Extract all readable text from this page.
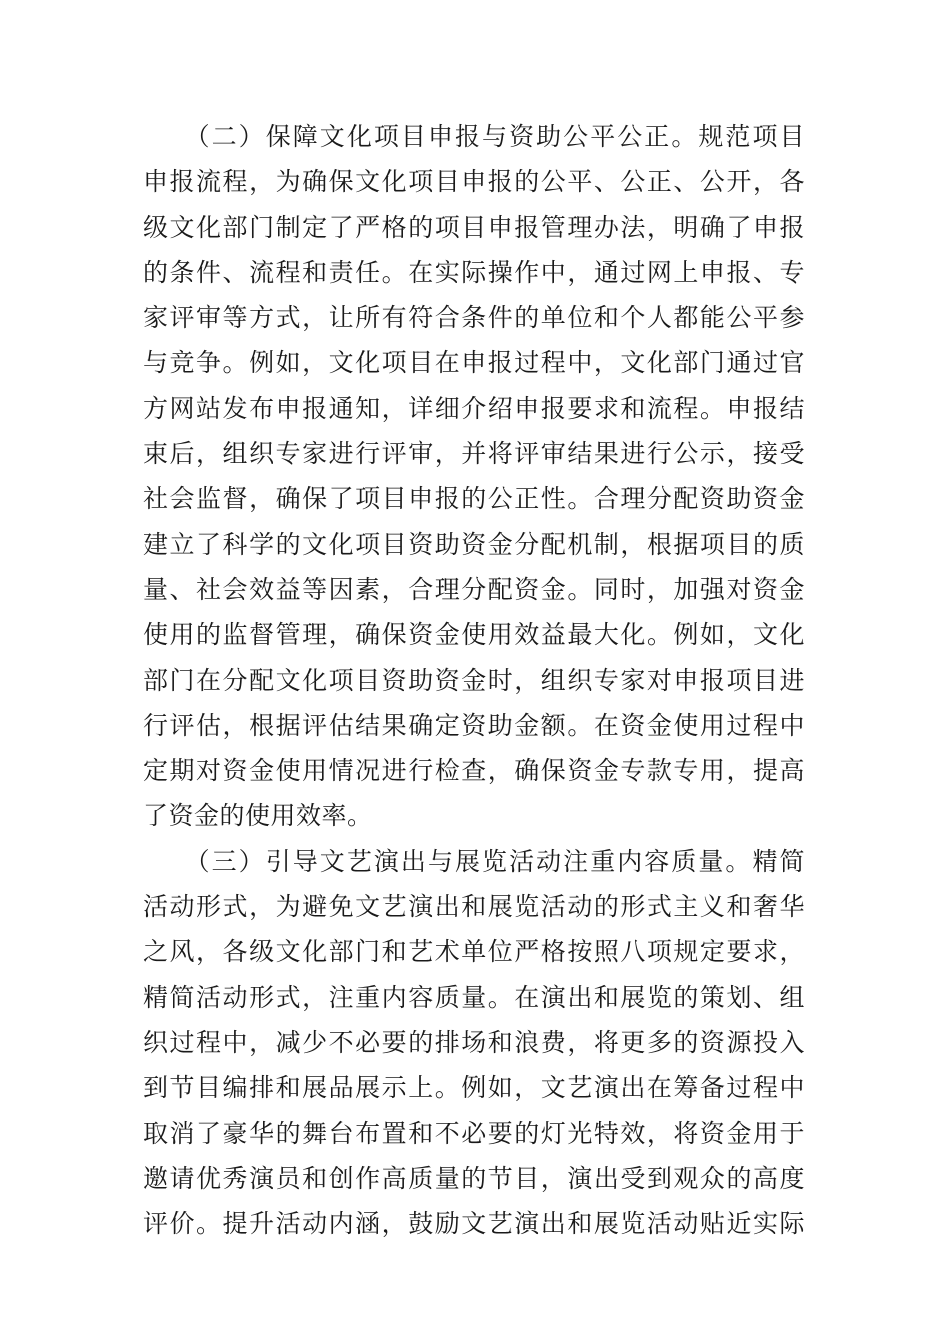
　　（二）保障文化项目申报与资助公平公正。规范项目
申报流程，为确保文化项目申报的公平、公正、公开，各
级文化部门制定了严格的项目申报管理办法，明确了申报
的条件、流程和责任。在实际操作中，通过网上申报、专
家评审等方式，让所有符合条件的单位和个人都能公平参
与竞争。例如，文化项目在申报过程中，文化部门通过官
方网站发布申报通知，详细介绍申报要求和流程。申报结
束后，组织专家进行评审，并将评审结果进行公示，接受
社会监督，确保了项目申报的公正性。合理分配资助资金
建立了科学的文化项目资助资金分配机制，根据项目的质
量、社会效益等因素，合理分配资金。同时，加强对资金
使用的监督管理，确保资金使用效益最大化。例如，文化
部门在分配文化项目资助资金时，组织专家对申报项目进
行评估，根据评估结果确定资助金额。在资金使用过程中
定期对资金使用情况进行检查，确保资金专款专用，提高
了资金的使用效率。
　　（三）引导文艺演出与展览活动注重内容质量。精简
活动形式，为避免文艺演出和展览活动的形式主义和奢华
之风，各级文化部门和艺术单位严格按照八项规定要求，
精简活动形式，注重内容质量。在演出和展览的策划、组
织过程中，减少不必要的排场和浪费，将更多的资源投入
到节目编排和展品展示上。例如，文艺演出在筹备过程中
取消了豪华的舞台布置和不必要的灯光特效，将资金用于
邀请优秀演员和创作高质量的节目，演出受到观众的高度
评价。提升活动内涵，鼓励文艺演出和展览活动贴近实际
